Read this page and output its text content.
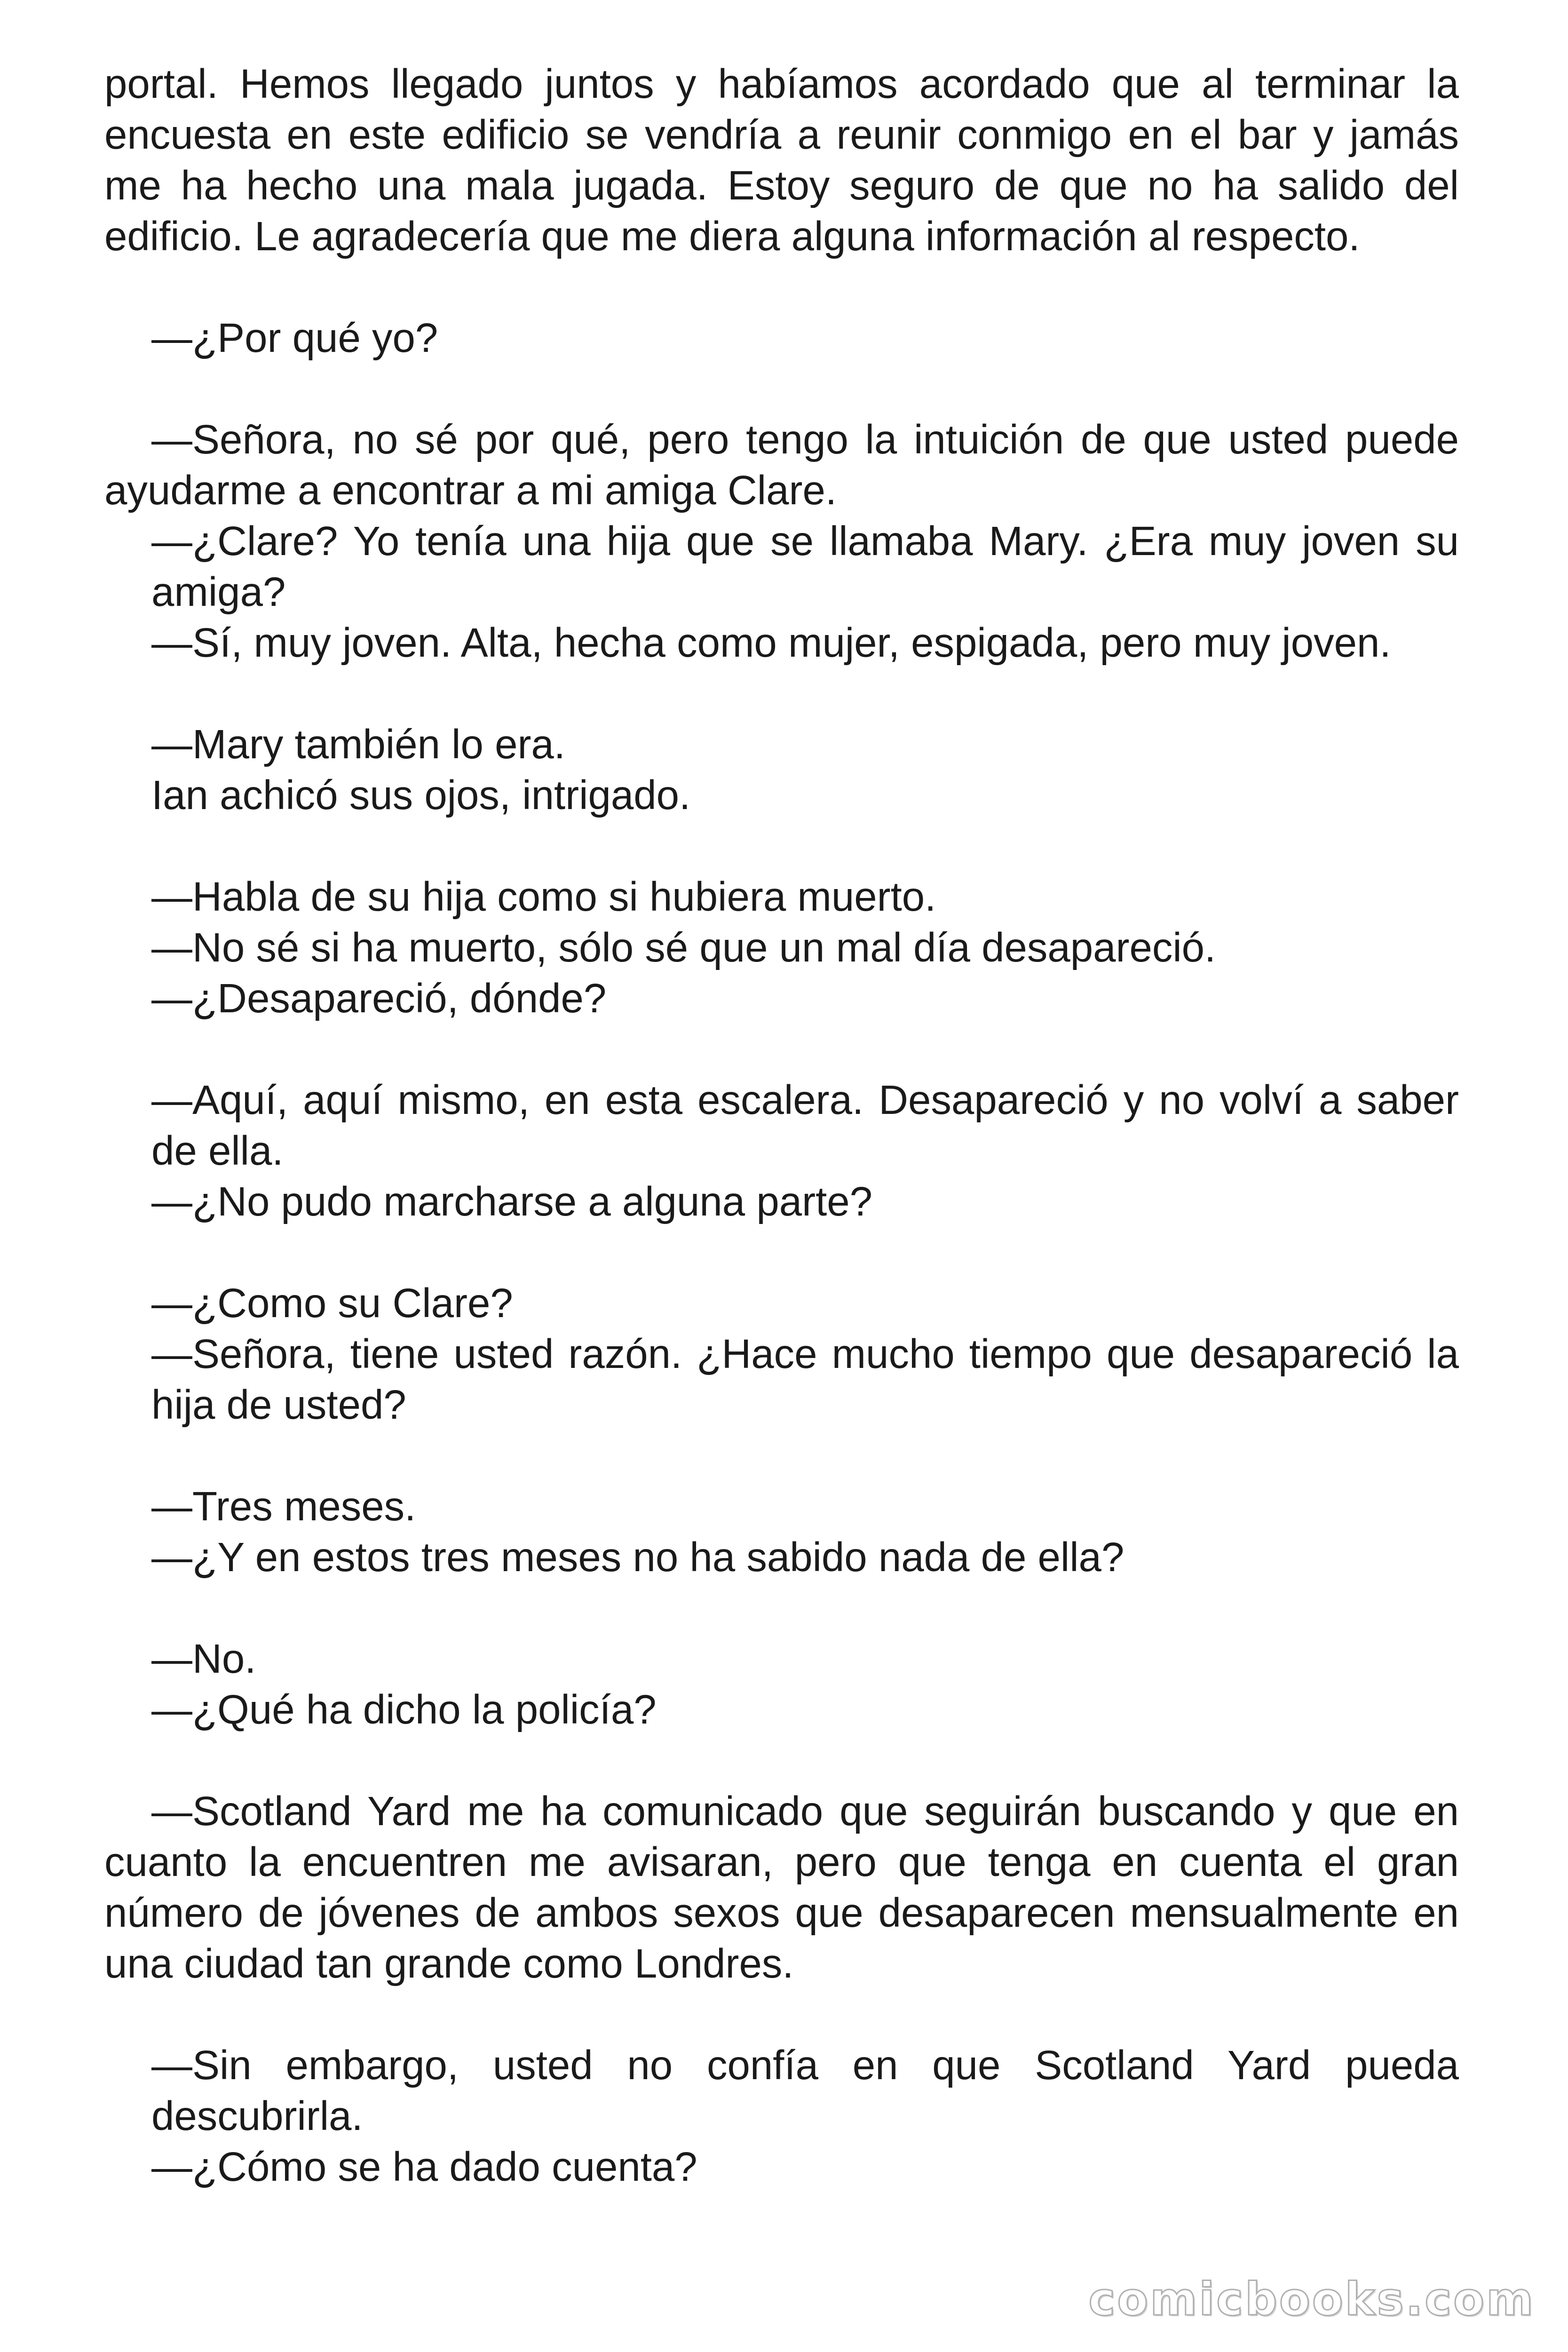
portal. Hemos llegado juntos y habíamos acordado que al terminar la encuesta en este edificio se vendría a reunir conmigo en el bar y jamás me ha hecho una mala jugada. Estoy seguro de que no ha salido del edificio. Le agradecería que me diera alguna información al respecto.

—¿Por qué yo?

—Señora, no sé por qué, pero tengo la intuición de que usted puede ayudarme a encontrar a mi amiga Clare.

—¿Clare? Yo tenía una hija que se llamaba Mary. ¿Era muy joven su amiga?

—Sí, muy joven. Alta, hecha como mujer, espigada, pero muy joven.

—Mary también lo era.

Ian achicó sus ojos, intrigado.

—Habla de su hija como si hubiera muerto.

—No sé si ha muerto, sólo sé que un mal día desapareció.

—¿Desapareció, dónde?

—Aquí, aquí mismo, en esta escalera. Desapareció y no volví a saber de ella.

—¿No pudo marcharse a alguna parte?

—¿Como su Clare?

—Señora, tiene usted razón. ¿Hace mucho tiempo que desapareció la hija de usted?

—Tres meses.

—¿Y en estos tres meses no ha sabido nada de ella?

—No.

—¿Qué ha dicho la policía?

—Scotland Yard me ha comunicado que seguirán buscando y que en cuanto la encuentren me avisaran, pero que tenga en cuenta el gran número de jóvenes de ambos sexos que desaparecen mensualmente en una ciudad tan grande como Londres.

—Sin embargo, usted no confía en que Scotland Yard pueda descubrirla.

—¿Cómo se ha dado cuenta?

comicbooks.com
